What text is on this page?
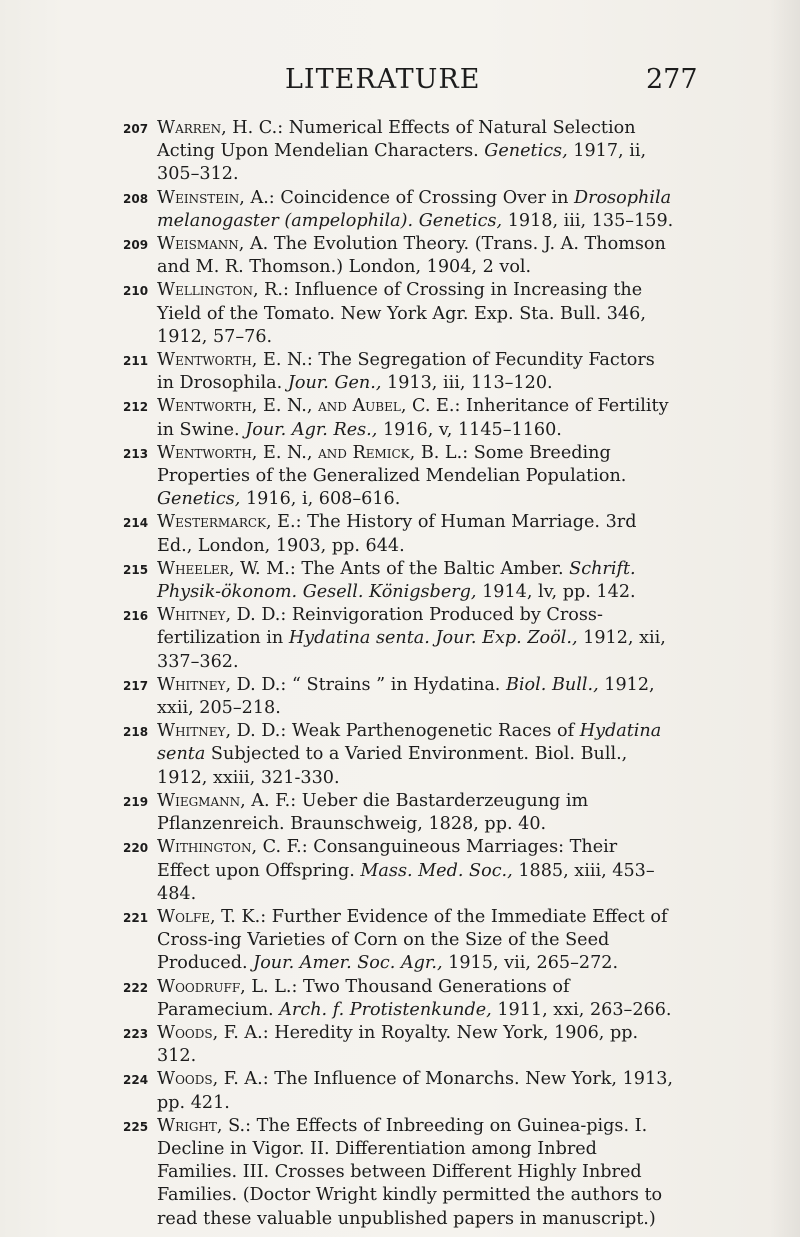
LITERATURE	277
207 Warren, H. C.: Numerical Effects of Natural Selection Acting Upon Mendelian Characters. Genetics, 1917, ii, 305–312.
208 Weinstein, A.: Coincidence of Crossing Over in Drosophila melanogaster (ampelophila). Genetics, 1918, iii, 135–159.
209 Weismann, A. The Evolution Theory. (Trans. J. A. Thomson and M. R. Thomson.) London, 1904, 2 vol.
210 Wellington, R.: Influence of Crossing in Increasing the Yield of the Tomato. New York Agr. Exp. Sta. Bull. 346, 1912, 57–76.
211 Wentworth, E. N.: The Segregation of Fecundity Factors in Drosophila. Jour. Gen., 1913, iii, 113–120.
212 Wentworth, E. N., and Aubel, C. E.: Inheritance of Fertility in Swine. Jour. Agr. Res., 1916, v, 1145–1160.
213 Wentworth, E. N., and Remick, B. L.: Some Breeding Properties of the Generalized Mendelian Population. Genetics, 1916, i, 608–616.
214 Westermarck, E.: The History of Human Marriage. 3rd Ed., London, 1903, pp. 644.
215 Wheeler, W. M.: The Ants of the Baltic Amber. Schrift. Physik-ökonom. Gesell. Königsberg, 1914, lv, pp. 142.
216 Whitney, D. D.: Reinvigoration Produced by Cross-fertilization in Hydatina senta. Jour. Exp. Zoöl., 1912, xii, 337–362.
217 Whitney, D. D.: “ Strains ” in Hydatina. Biol. Bull., 1912, xxii, 205–218.
218 Whitney, D. D.: Weak Parthenogenetic Races of Hydatina senta Subjected to a Varied Environment. Biol. Bull., 1912, xxiii, 321-330.
219 Wiegmann, A. F.: Ueber die Bastarderzeugung im Pflanzenreich. Braunschweig, 1828, pp. 40.
220 Withington, C. F.: Consanguineous Marriages: Their Effect upon Offspring. Mass. Med. Soc., 1885, xiii, 453–484.
221 Wolfe, T. K.: Further Evidence of the Immediate Effect of Cross-ing Varieties of Corn on the Size of the Seed Produced. Jour. Amer. Soc. Agr., 1915, vii, 265–272.
222 Woodruff, L. L.: Two Thousand Generations of Paramecium. Arch. f. Protistenkunde, 1911, xxi, 263–266.
223 Woods, F. A.: Heredity in Royalty. New York, 1906, pp. 312.
224 Woods, F. A.: The Influence of Monarchs. New York, 1913, pp. 421.
225 Wright, S.: The Effects of Inbreeding on Guinea-pigs. I. Decline in Vigor. II. Differentiation among Inbred Families. III. Crosses between Different Highly Inbred Families. (Doctor Wright kindly permitted the authors to read these valuable unpublished papers in manuscript.)
